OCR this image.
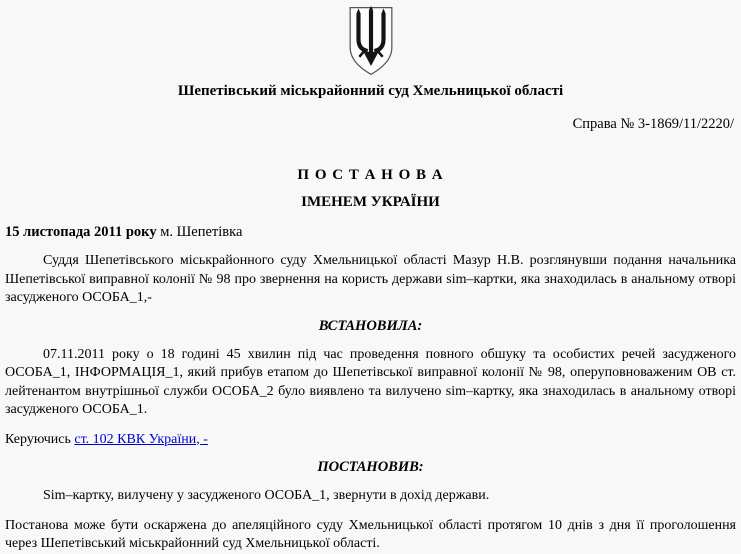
Шепетівський міськрайонний суд Хмельницької області
Справа № 3-1869/11/2220/
П О С Т А Н О В А
ІМЕНЕМ УКРАЇНИ
15 листопада 2011 року м. Шепетівка

Суддя Шепетівського міськрайонного суду Хмельницької області Мазур Н.В. розглянувши подання начальника Шепетівської виправної колонії № 98 про звернення на користь держави sim–картки, яка знаходилась в анальному отворі засудженого ОСОБА_1,-

ВСТАНОВИЛА:

07.11.2011 року о 18 годині 45 хвилин під час проведення повного обшуку та особистих речей засудженого ОСОБА_1, ІНФОРМАЦІЯ_1, який прибув етапом до Шепетівської виправної колонії № 98, оперуповноваженим ОВ ст. лейтенантом внутрішньої служби ОСОБА_2 було виявлено та вилучено sim–картку, яка знаходилась в анальному отворі засудженого ОСОБА_1.

Керуючись ст. 102 КВК України, -

ПОСТАНОВИВ:

Sim–картку, вилучену у засудженого ОСОБА_1, звернути в дохід держави.

Постанова може бути оскаржена до апеляційного суду Хмельницької області протягом 10 днів з дня її проголошення через Шепетівський міськрайонний суд Хмельницької області.
